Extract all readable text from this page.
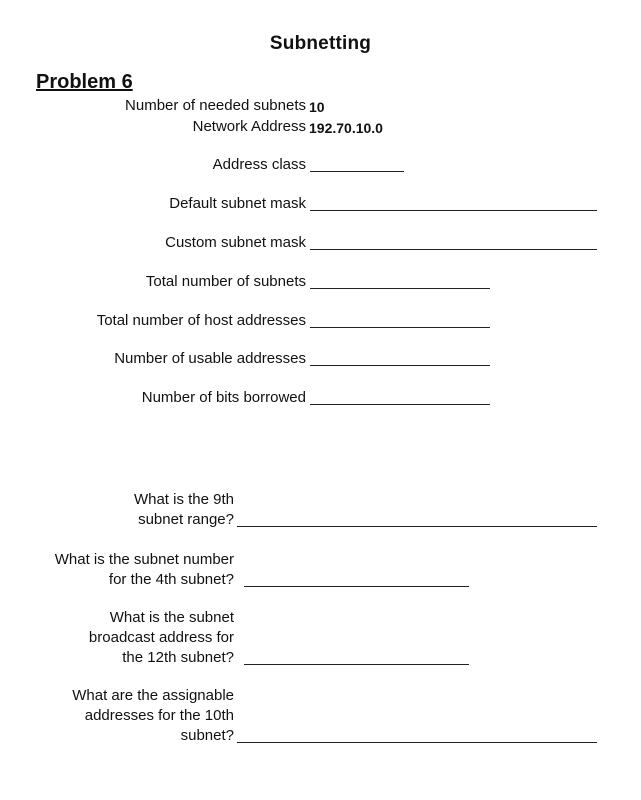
Subnetting
Problem 6
Number of needed subnets 10
Network Address 192.70.10.0
Address class
Default subnet mask
Custom subnet mask
Total number of subnets
Total number of host addresses
Number of usable addresses
Number of bits borrowed
What is the 9th
subnet range?
What is the subnet number
for the 4th subnet?
What is the subnet
broadcast address for
the 12th subnet?
What are the assignable
addresses for the 10th
subnet?
